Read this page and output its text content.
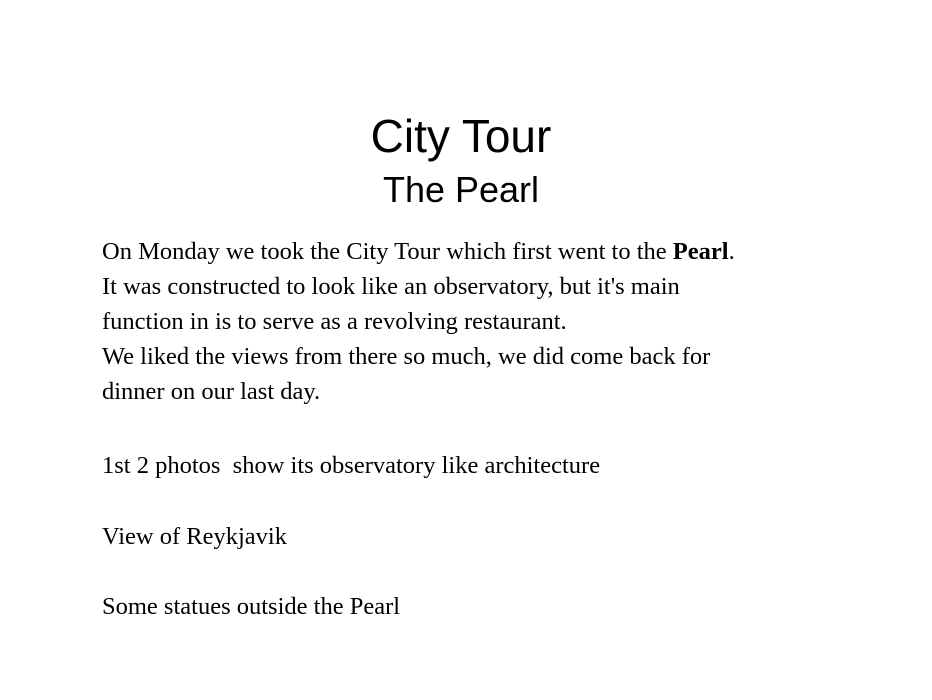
City Tour
The Pearl

On Monday we took the City Tour which first went to the Pearl.
It was constructed to look like an observatory, but it's main
function in is to serve as a revolving restaurant.
We liked the views from there so much, we did come back for
dinner on our last day.

1st 2 photos  show its observatory like architecture

View of Reykjavik

Some statues outside the Pearl
